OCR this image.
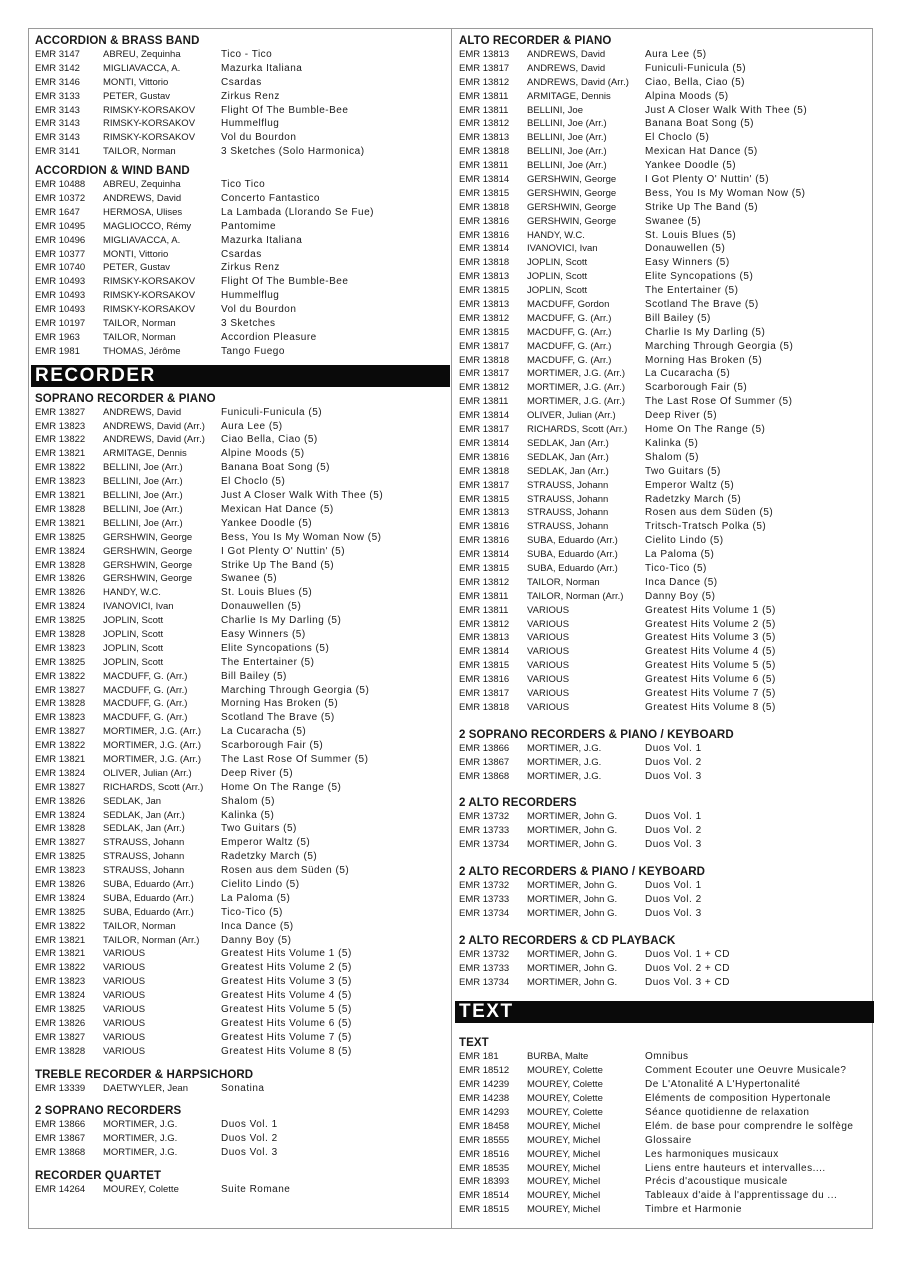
ACCORDION & BRASS BAND
EMR 3147	ABREU, Zequinha	Tico - Tico
EMR 3142	MIGLIAVACCA, A.	Mazurka Italiana
EMR 3146	MONTI, Vittorio	Csardas
EMR 3133	PETER, Gustav	Zirkus Renz
EMR 3143	RIMSKY-KORSAKOV	Flight Of The Bumble-Bee
EMR 3143	RIMSKY-KORSAKOV	Hummelflug
EMR 3143	RIMSKY-KORSAKOV	Vol du Bourdon
EMR 3141	TAILOR, Norman	3 Sketches (Solo Harmonica)
ACCORDION & WIND BAND
EMR 10488	ABREU, Zequinha	Tico Tico
EMR 10372	ANDREWS, David	Concerto Fantastico
EMR 1647	HERMOSA, Ulises	La Lambada (Llorando Se Fue)
EMR 10495	MAGLIOCCO, Rémy	Pantomime
EMR 10496	MIGLIAVACCA, A.	Mazurka Italiana
EMR 10377	MONTI, Vittorio	Csardas
EMR 10740	PETER, Gustav	Zirkus Renz
EMR 10493	RIMSKY-KORSAKOV	Flight Of The Bumble-Bee
EMR 10493	RIMSKY-KORSAKOV	Hummelflug
EMR 10493	RIMSKY-KORSAKOV	Vol du Bourdon
EMR 10197	TAILOR, Norman	3 Sketches
EMR 1963	TAILOR, Norman	Accordion Pleasure
EMR 1981	THOMAS, Jérôme	Tango Fuego
RECORDER
SOPRANO RECORDER & PIANO
EMR 13827	ANDREWS, David	Funiculi-Funicula (5)
EMR 13823	ANDREWS, David (Arr.)	Aura Lee (5)
EMR 13822	ANDREWS, David (Arr.)	Ciao Bella, Ciao (5)
EMR 13821	ARMITAGE, Dennis	Alpine Moods (5)
EMR 13822	BELLINI, Joe (Arr.)	Banana Boat Song (5)
EMR 13823	BELLINI, Joe (Arr.)	El Choclo (5)
EMR 13821	BELLINI, Joe (Arr.)	Just A Closer Walk With Thee (5)
EMR 13828	BELLINI, Joe (Arr.)	Mexican Hat Dance (5)
EMR 13821	BELLINI, Joe (Arr.)	Yankee Doodle (5)
EMR 13825	GERSHWIN, George	Bess, You Is My Woman Now (5)
EMR 13824	GERSHWIN, George	I Got Plenty O' Nuttin' (5)
EMR 13828	GERSHWIN, George	Strike Up The Band (5)
EMR 13826	GERSHWIN, George	Swanee (5)
EMR 13826	HANDY, W.C.	St. Louis Blues (5)
EMR 13824	IVANOVICI, Ivan	Donauwellen (5)
EMR 13825	JOPLIN, Scott	Charlie Is My Darling (5)
EMR 13828	JOPLIN, Scott	Easy Winners (5)
EMR 13823	JOPLIN, Scott	Elite Syncopations (5)
EMR 13825	JOPLIN, Scott	The Entertainer (5)
EMR 13822	MACDUFF, G. (Arr.)	Bill Bailey (5)
EMR 13827	MACDUFF, G. (Arr.)	Marching Through Georgia (5)
EMR 13828	MACDUFF, G. (Arr.)	Morning Has Broken (5)
EMR 13823	MACDUFF, G. (Arr.)	Scotland The Brave (5)
EMR 13827	MORTIMER, J.G. (Arr.)	La Cucaracha (5)
EMR 13822	MORTIMER, J.G. (Arr.)	Scarborough Fair (5)
EMR 13821	MORTIMER, J.G. (Arr.)	The Last Rose Of Summer (5)
EMR 13824	OLIVER, Julian (Arr.)	Deep River (5)
EMR 13827	RICHARDS, Scott (Arr.)	Home On The Range (5)
EMR 13826	SEDLAK, Jan	Shalom (5)
EMR 13824	SEDLAK, Jan (Arr.)	Kalinka (5)
EMR 13828	SEDLAK, Jan (Arr.)	Two Guitars (5)
EMR 13827	STRAUSS, Johann	Emperor Waltz (5)
EMR 13825	STRAUSS, Johann	Radetzky March (5)
EMR 13823	STRAUSS, Johann	Rosen aus dem Süden (5)
EMR 13826	SUBA, Eduardo (Arr.)	Cielito Lindo (5)
EMR 13824	SUBA, Eduardo (Arr.)	La Paloma (5)
EMR 13825	SUBA, Eduardo (Arr.)	Tico-Tico (5)
EMR 13822	TAILOR, Norman	Inca Dance (5)
EMR 13821	TAILOR, Norman (Arr.)	Danny Boy (5)
EMR 13821	VARIOUS	Greatest Hits Volume 1 (5)
EMR 13822	VARIOUS	Greatest Hits Volume 2 (5)
EMR 13823	VARIOUS	Greatest Hits Volume 3 (5)
EMR 13824	VARIOUS	Greatest Hits Volume 4 (5)
EMR 13825	VARIOUS	Greatest Hits Volume 5 (5)
EMR 13826	VARIOUS	Greatest Hits Volume 6 (5)
EMR 13827	VARIOUS	Greatest Hits Volume 7 (5)
EMR 13828	VARIOUS	Greatest Hits Volume 8 (5)
TREBLE RECORDER & HARPSICHORD
EMR 13339	DAETWYLER, Jean	Sonatina
2 SOPRANO RECORDERS
EMR 13866	MORTIMER, J.G.	Duos Vol. 1
EMR 13867	MORTIMER, J.G.	Duos Vol. 2
EMR 13868	MORTIMER, J.G.	Duos Vol. 3
RECORDER QUARTET
EMR 14264	MOUREY, Colette	Suite Romane
ALTO RECORDER & PIANO
EMR 13813	ANDREWS, David	Aura Lee (5)
EMR 13817	ANDREWS, David	Funiculi-Funicula (5)
EMR 13812	ANDREWS, David (Arr.)	Ciao, Bella, Ciao (5)
EMR 13811	ARMITAGE, Dennis	Alpina Moods (5)
EMR 13811	BELLINI, Joe	Just A Closer Walk With Thee (5)
EMR 13812	BELLINI, Joe (Arr.)	Banana Boat Song (5)
EMR 13813	BELLINI, Joe (Arr.)	El Choclo (5)
EMR 13818	BELLINI, Joe (Arr.)	Mexican Hat Dance (5)
EMR 13811	BELLINI, Joe (Arr.)	Yankee Doodle (5)
EMR 13814	GERSHWIN, George	I Got Plenty O' Nuttin' (5)
EMR 13815	GERSHWIN, George	Bess, You Is My Woman Now (5)
EMR 13818	GERSHWIN, George	Strike Up The Band (5)
EMR 13816	GERSHWIN, George	Swanee (5)
EMR 13816	HANDY, W.C.	St. Louis Blues (5)
EMR 13814	IVANOVICI, Ivan	Donauwellen (5)
EMR 13818	JOPLIN, Scott	Easy Winners (5)
EMR 13813	JOPLIN, Scott	Elite Syncopations (5)
EMR 13815	JOPLIN, Scott	The Entertainer (5)
EMR 13813	MACDUFF, Gordon	Scotland The Brave (5)
EMR 13812	MACDUFF, G. (Arr.)	Bill Bailey (5)
EMR 13815	MACDUFF, G. (Arr.)	Charlie Is My Darling (5)
EMR 13817	MACDUFF, G. (Arr.)	Marching Through Georgia (5)
EMR 13818	MACDUFF, G. (Arr.)	Morning Has Broken (5)
EMR 13817	MORTIMER, J.G. (Arr.)	La Cucaracha (5)
EMR 13812	MORTIMER, J.G. (Arr.)	Scarborough Fair (5)
EMR 13811	MORTIMER, J.G. (Arr.)	The Last Rose Of Summer (5)
EMR 13814	OLIVER, Julian (Arr.)	Deep River (5)
EMR 13817	RICHARDS, Scott (Arr.)	Home On The Range (5)
EMR 13814	SEDLAK, Jan (Arr.)	Kalinka (5)
EMR 13816	SEDLAK, Jan (Arr.)	Shalom (5)
EMR 13818	SEDLAK, Jan (Arr.)	Two Guitars (5)
EMR 13817	STRAUSS, Johann	Emperor Waltz (5)
EMR 13815	STRAUSS, Johann	Radetzky March (5)
EMR 13813	STRAUSS, Johann	Rosen aus dem Süden (5)
EMR 13816	STRAUSS, Johann	Tritsch-Tratsch Polka (5)
EMR 13816	SUBA, Eduardo (Arr.)	Cielito Lindo (5)
EMR 13814	SUBA, Eduardo (Arr.)	La Paloma (5)
EMR 13815	SUBA, Eduardo (Arr.)	Tico-Tico (5)
EMR 13812	TAILOR, Norman	Inca Dance (5)
EMR 13811	TAILOR, Norman (Arr.)	Danny Boy (5)
EMR 13811	VARIOUS	Greatest Hits Volume 1 (5)
EMR 13812	VARIOUS	Greatest Hits Volume 2 (5)
EMR 13813	VARIOUS	Greatest Hits Volume 3 (5)
EMR 13814	VARIOUS	Greatest Hits Volume 4 (5)
EMR 13815	VARIOUS	Greatest Hits Volume 5 (5)
EMR 13816	VARIOUS	Greatest Hits Volume 6 (5)
EMR 13817	VARIOUS	Greatest Hits Volume 7 (5)
EMR 13818	VARIOUS	Greatest Hits Volume 8 (5)
2 SOPRANO RECORDERS & PIANO / KEYBOARD
EMR 13866	MORTIMER, J.G.	Duos Vol. 1
EMR 13867	MORTIMER, J.G.	Duos Vol. 2
EMR 13868	MORTIMER, J.G.	Duos Vol. 3
2 ALTO RECORDERS
EMR 13732	MORTIMER, John G.	Duos Vol. 1
EMR 13733	MORTIMER, John G.	Duos Vol. 2
EMR 13734	MORTIMER, John G.	Duos Vol. 3
2 ALTO RECORDERS & PIANO / KEYBOARD
EMR 13732	MORTIMER, John G.	Duos Vol. 1
EMR 13733	MORTIMER, John G.	Duos Vol. 2
EMR 13734	MORTIMER, John G.	Duos Vol. 3
2 ALTO RECORDERS & CD PLAYBACK
EMR 13732	MORTIMER, John G.	Duos Vol. 1 + CD
EMR 13733	MORTIMER, John G.	Duos Vol. 2 + CD
EMR 13734	MORTIMER, John G.	Duos Vol. 3 + CD
TEXT
TEXT
EMR 181	BURBA, Malte	Omnibus
EMR 18512	MOUREY, Colette	Comment Ecouter une Oeuvre Musicale?
EMR 14239	MOUREY, Colette	De L'Atonalité A L'Hypertonalité
EMR 14238	MOUREY, Colette	Eléments de composition Hypertonale
EMR 14293	MOUREY, Colette	Séance quotidienne de relaxation
EMR 18458	MOUREY, Michel	Elém. de base pour comprendre le solfège
EMR 18555	MOUREY, Michel	Glossaire
EMR 18516	MOUREY, Michel	Les harmoniques musicaux
EMR 18535	MOUREY, Michel	Liens entre hauteurs et intervalles....
EMR 18393	MOUREY, Michel	Précis d'acoustique musicale
EMR 18514	MOUREY, Michel	Tableaux d'aide à l'apprentissage du ...
EMR 18515	MOUREY, Michel	Timbre et Harmonie
